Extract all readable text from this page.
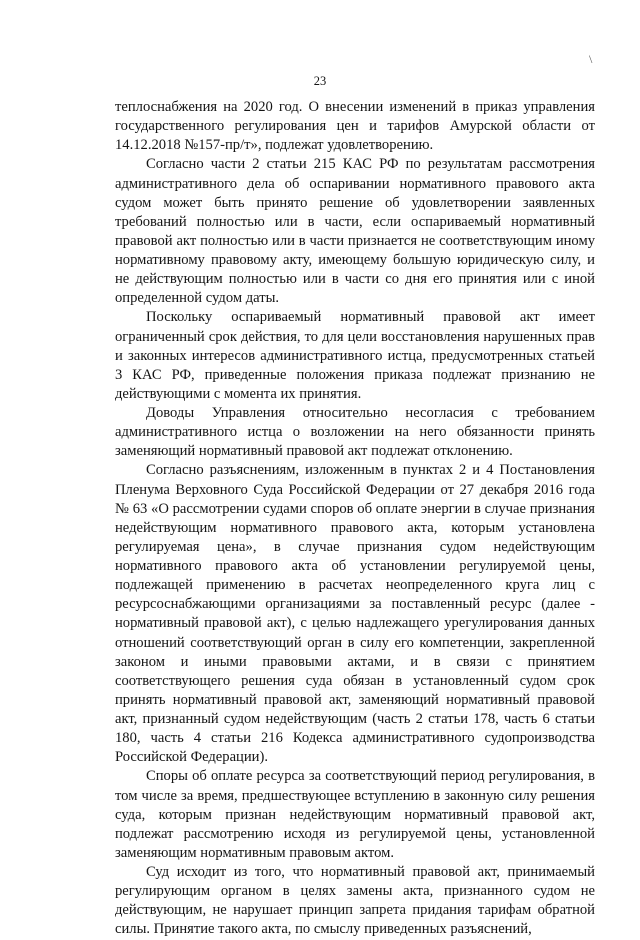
\
23

теплоснабжения на 2020 год. О внесении изменений в приказ управления государственного регулирования цен и тарифов Амурской области от 14.12.2018 №157-пр/т», подлежат удовлетворению.

Согласно части 2 статьи 215 КАС РФ по результатам рассмотрения административного дела об оспаривании нормативного правового акта судом может быть принято решение об удовлетворении заявленных требований полностью или в части, если оспариваемый нормативный правовой акт полностью или в части признается не соответствующим иному нормативному правовому акту, имеющему большую юридическую силу, и не действующим полностью или в части со дня его принятия или с иной определенной судом даты.

Поскольку оспариваемый нормативный правовой акт имеет ограниченный срок действия, то для цели восстановления нарушенных прав и законных интересов административного истца, предусмотренных статьей 3 КАС РФ, приведенные положения приказа подлежат признанию не действующими с момента их принятия.

Доводы Управления относительно несогласия с требованием административного истца о возложении на него обязанности принять заменяющий нормативный правовой акт подлежат отклонению.

Согласно разъяснениям, изложенным в пунктах 2 и 4 Постановления Пленума Верховного Суда Российской Федерации от 27 декабря 2016 года № 63 «О рассмотрении судами споров об оплате энергии в случае признания недействующим нормативного правового акта, которым установлена регулируемая цена», в случае признания судом недействующим нормативного правового акта об установлении регулируемой цены, подлежащей применению в расчетах неопределенного круга лиц с ресурсоснабжающими организациями за поставленный ресурс (далее - нормативный правовой акт), с целью надлежащего урегулирования данных отношений соответствующий орган в силу его компетенции, закрепленной законом и иными правовыми актами, и в связи с принятием соответствующего решения суда обязан в установленный судом срок принять нормативный правовой акт, заменяющий нормативный правовой акт, признанный судом недействующим (часть 2 статьи 178, часть 6 статьи 180, часть 4 статьи 216 Кодекса административного судопроизводства Российской Федерации).

Споры об оплате ресурса за соответствующий период регулирования, в том числе за время, предшествующее вступлению в законную силу решения суда, которым признан недействующим нормативный правовой акт, подлежат рассмотрению исходя из регулируемой цены, установленной заменяющим нормативным правовым актом.

Суд исходит из того, что нормативный правовой акт, принимаемый регулирующим органом в целях замены акта, признанного судом не действующим, не нарушает принцип запрета придания тарифам обратной силы. Принятие такого акта, по смыслу приведенных разъяснений,
